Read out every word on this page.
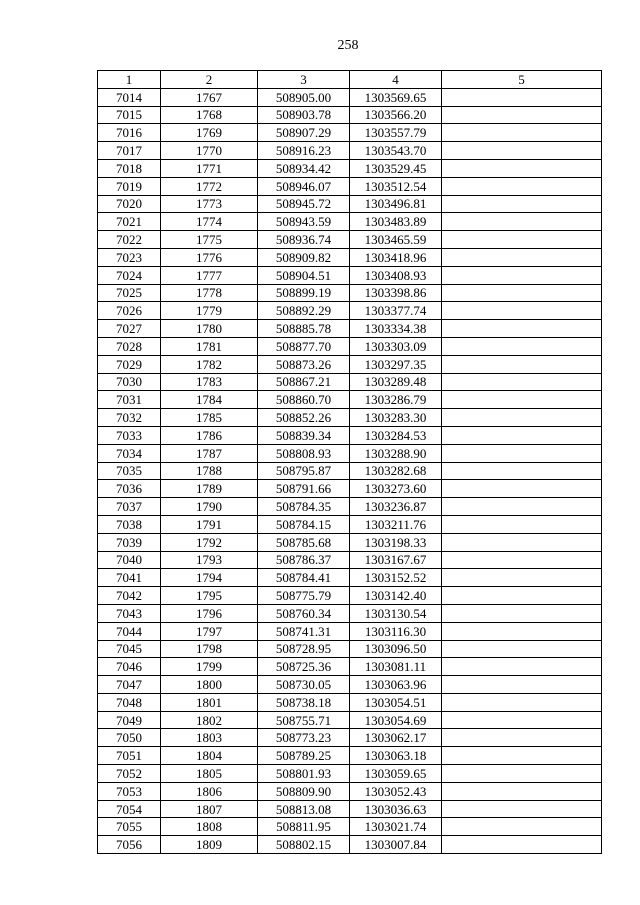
258
1	2	3	4	5
7014	1767	508905.00	1303569.65	
7015	1768	508903.78	1303566.20	
7016	1769	508907.29	1303557.79	
7017	1770	508916.23	1303543.70	
7018	1771	508934.42	1303529.45	
7019	1772	508946.07	1303512.54	
7020	1773	508945.72	1303496.81	
7021	1774	508943.59	1303483.89	
7022	1775	508936.74	1303465.59	
7023	1776	508909.82	1303418.96	
7024	1777	508904.51	1303408.93	
7025	1778	508899.19	1303398.86	
7026	1779	508892.29	1303377.74	
7027	1780	508885.78	1303334.38	
7028	1781	508877.70	1303303.09	
7029	1782	508873.26	1303297.35	
7030	1783	508867.21	1303289.48	
7031	1784	508860.70	1303286.79	
7032	1785	508852.26	1303283.30	
7033	1786	508839.34	1303284.53	
7034	1787	508808.93	1303288.90	
7035	1788	508795.87	1303282.68	
7036	1789	508791.66	1303273.60	
7037	1790	508784.35	1303236.87	
7038	1791	508784.15	1303211.76	
7039	1792	508785.68	1303198.33	
7040	1793	508786.37	1303167.67	
7041	1794	508784.41	1303152.52	
7042	1795	508775.79	1303142.40	
7043	1796	508760.34	1303130.54	
7044	1797	508741.31	1303116.30	
7045	1798	508728.95	1303096.50	
7046	1799	508725.36	1303081.11	
7047	1800	508730.05	1303063.96	
7048	1801	508738.18	1303054.51	
7049	1802	508755.71	1303054.69	
7050	1803	508773.23	1303062.17	
7051	1804	508789.25	1303063.18	
7052	1805	508801.93	1303059.65	
7053	1806	508809.90	1303052.43	
7054	1807	508813.08	1303036.63	
7055	1808	508811.95	1303021.74	
7056	1809	508802.15	1303007.84	
